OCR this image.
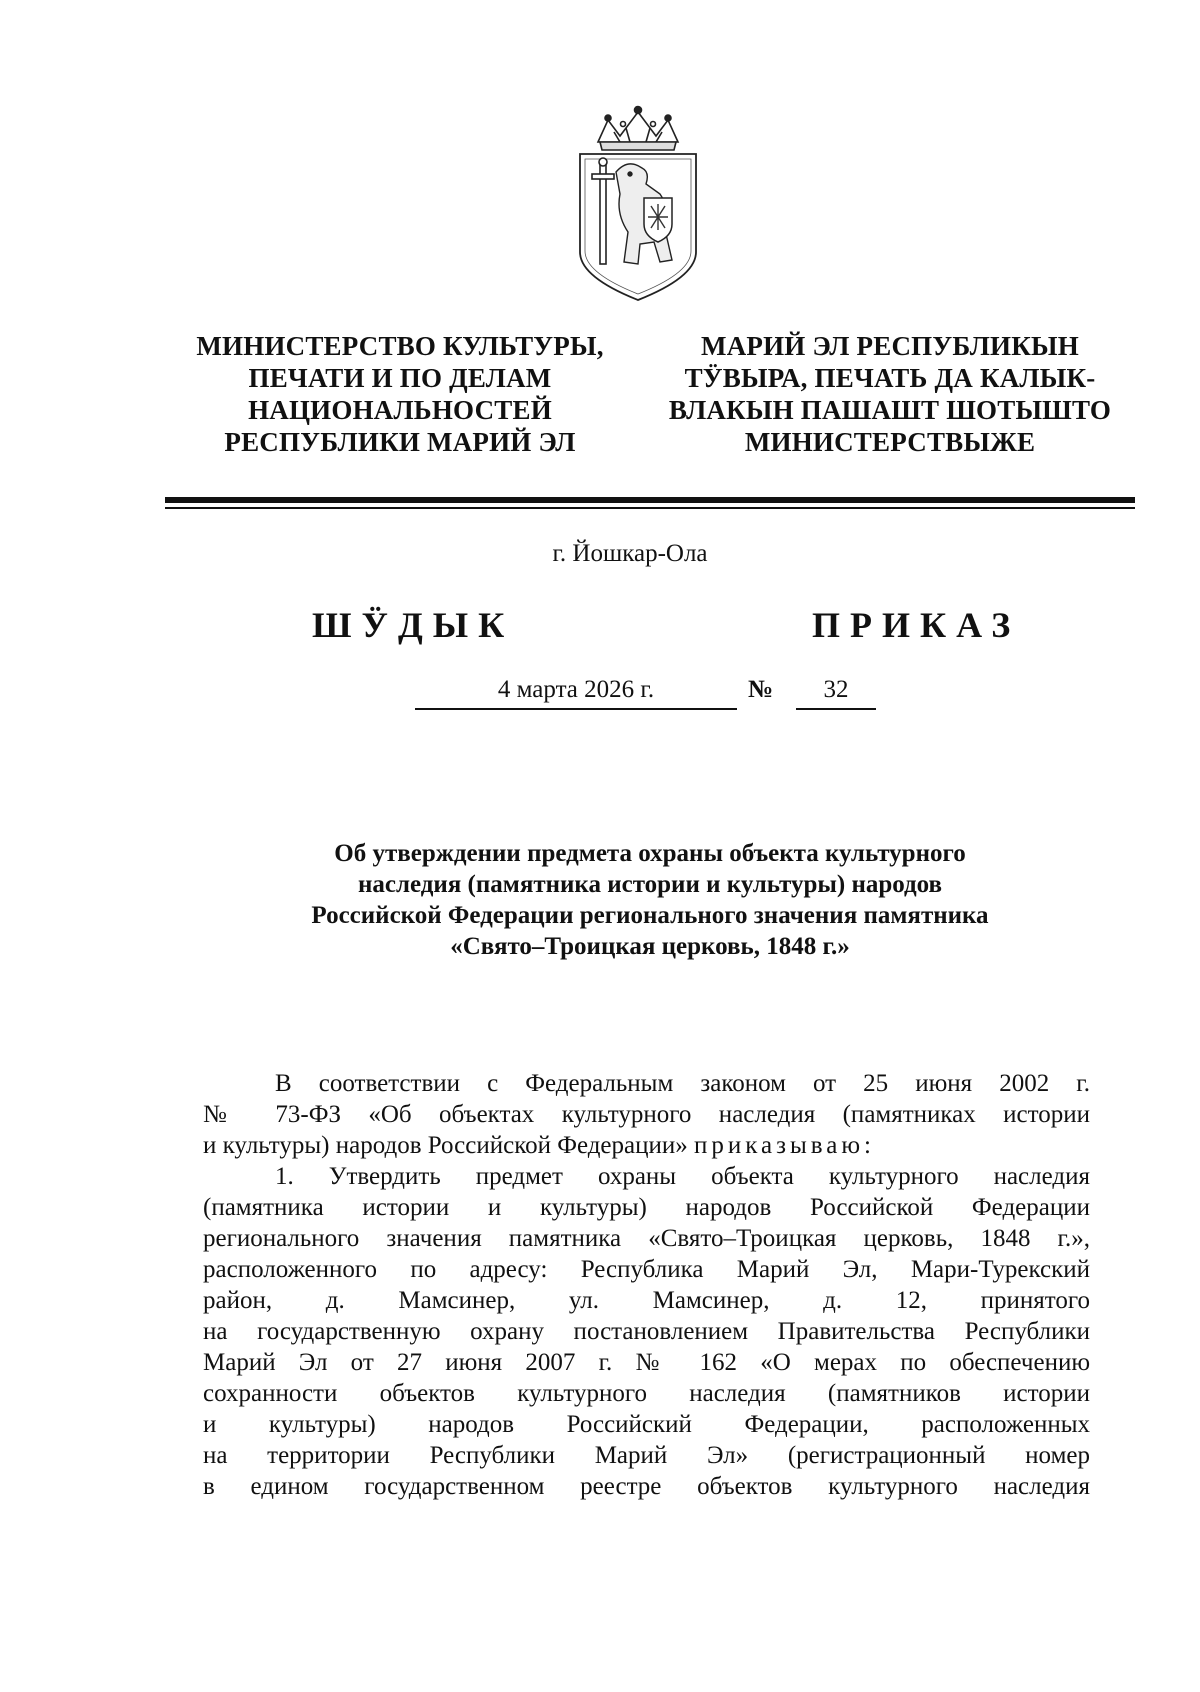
МИНИСТЕРСТВО КУЛЬТУРЫ,
ПЕЧАТИ И ПО ДЕЛАМ
НАЦИОНАЛЬНОСТЕЙ
РЕСПУБЛИКИ МАРИЙ ЭЛ
МАРИЙ ЭЛ РЕСПУБЛИКЫН
ТӰВЫРА, ПЕЧАТЬ ДА КАЛЫК-
ВЛАКЫН ПАШАШТ ШОТЫШТО
МИНИСТЕРСТВЫЖЕ
г. Йошкар-Ола
ШӰДЫК	ПРИКАЗ
4 марта 2026 г.	№	32
Об утверждении предмета охраны объекта культурного
наследия (памятника истории и культуры) народов
Российской Федерации регионального значения памятника
«Свято–Троицкая церковь, 1848 г.»
В соответствии с Федеральным законом от 25 июня 2002 г.
№ 73-ФЗ «Об объектах культурного наследия (памятниках истории
и культуры) народов Российской Федерации» приказываю:
1. Утвердить предмет охраны объекта культурного наследия
(памятника истории и культуры) народов Российской Федерации
регионального значения памятника «Свято–Троицкая церковь, 1848 г.»,
расположенного по адресу: Республика Марий Эл, Мари-Турекский
район, д. Мамсинер, ул. Мамсинер, д. 12, принятого
на государственную охрану постановлением Правительства Республики
Марий Эл от 27 июня 2007 г. № 162 «О мерах по обеспечению
сохранности объектов культурного наследия (памятников истории
и культуры) народов Российский Федерации, расположенных
на территории Республики Марий Эл» (регистрационный номер
в едином государственном реестре объектов культурного наследия
